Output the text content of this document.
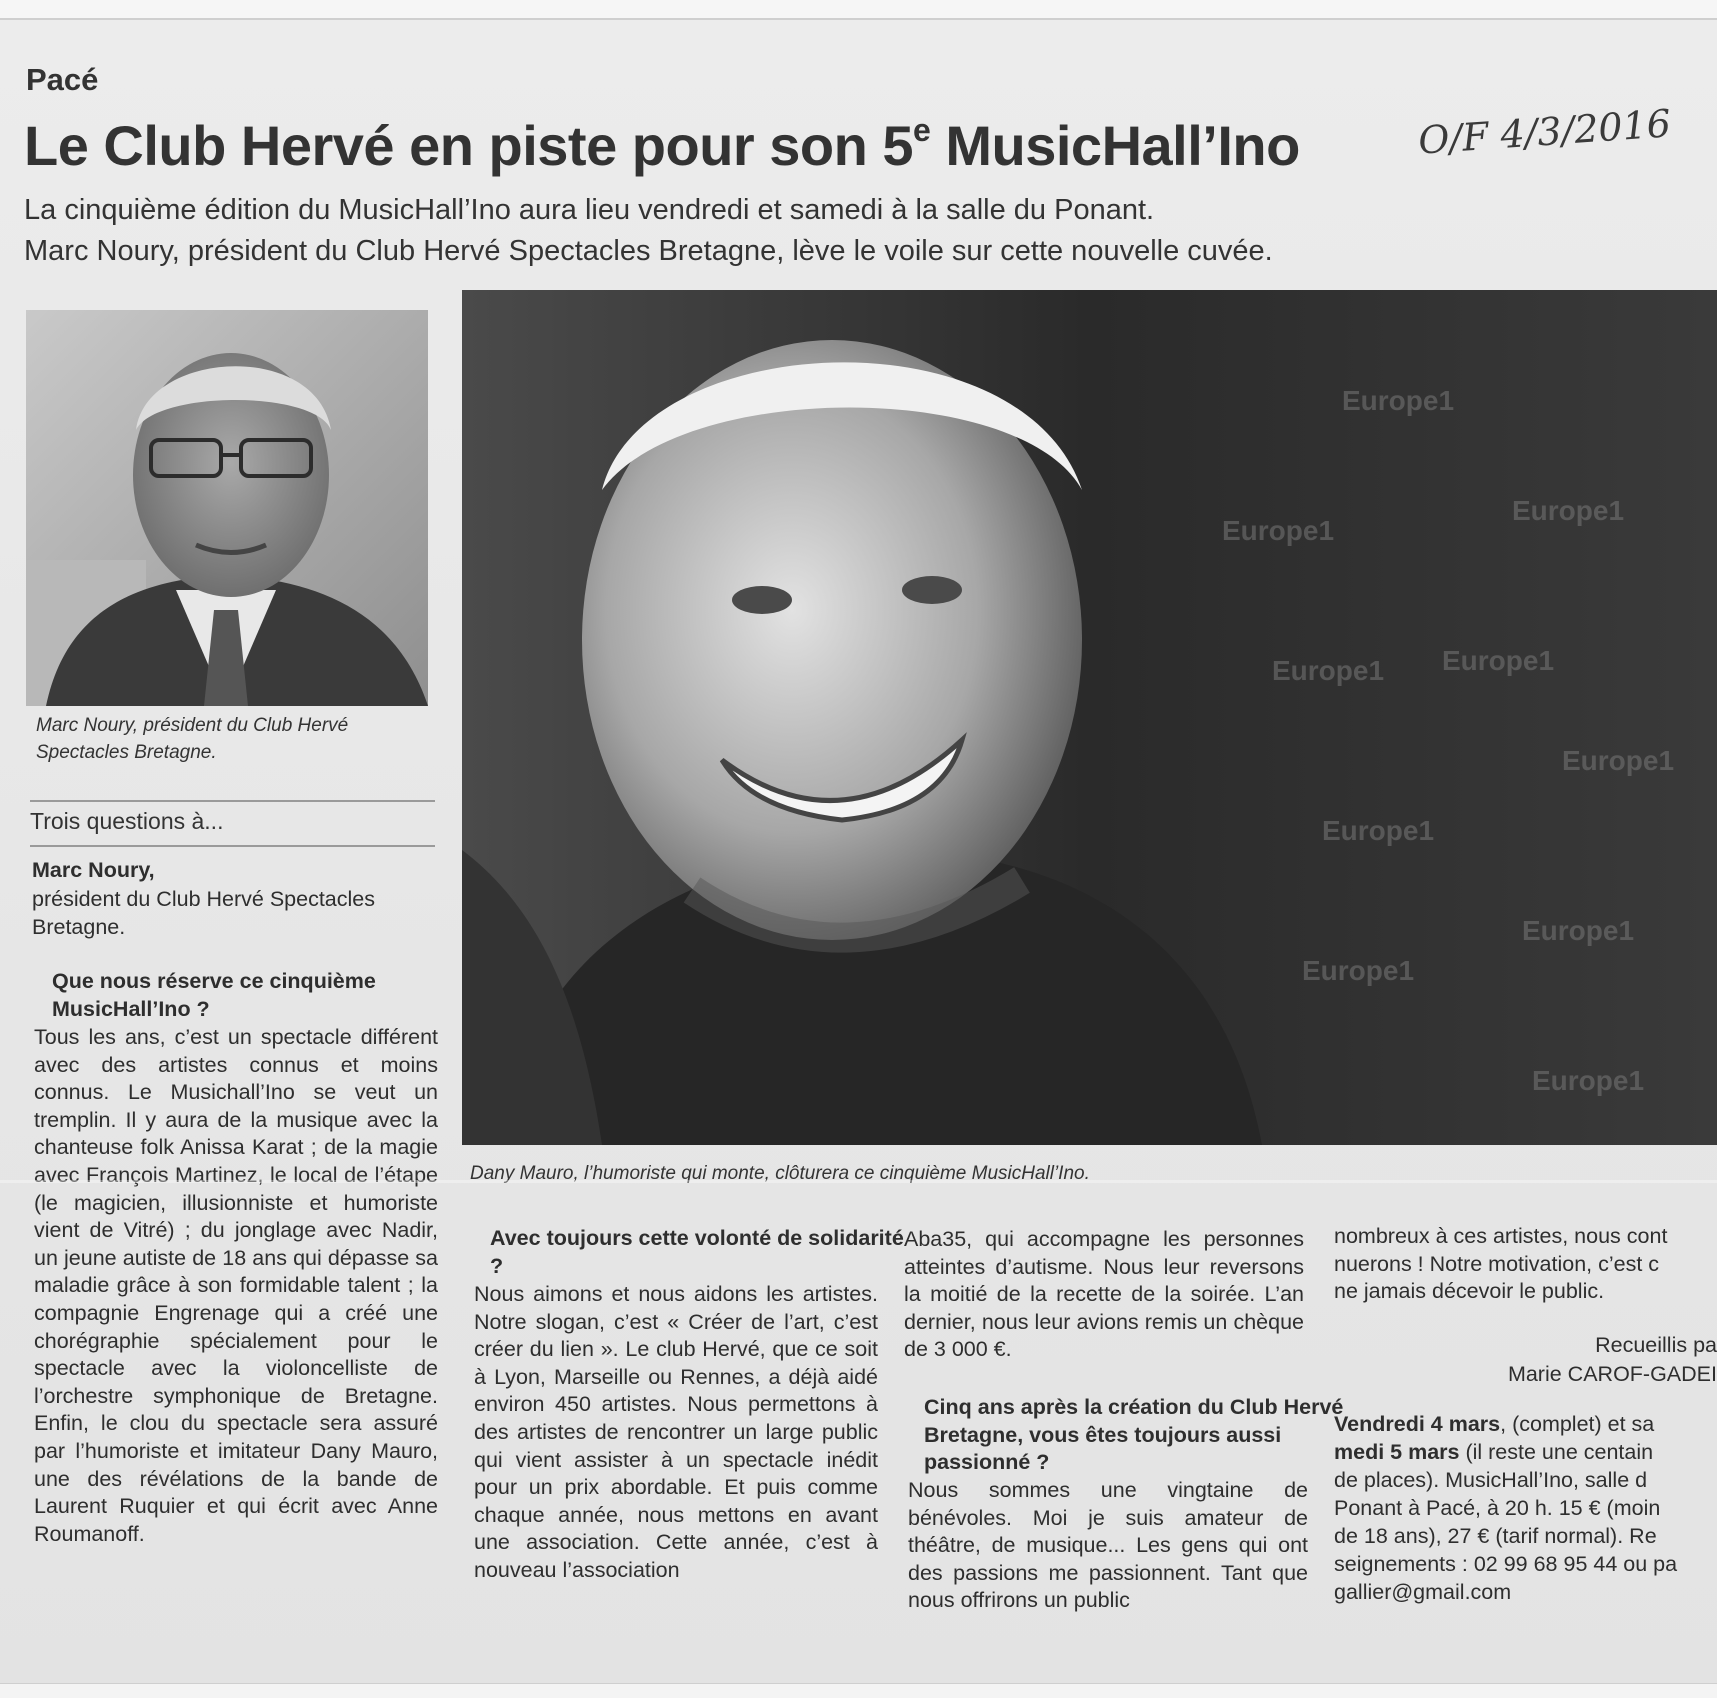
Pacé
Le Club Hervé en piste pour son 5e MusicHall’Ino	O/F 4/3/2016
La cinquième édition du MusicHall’Ino aura lieu vendredi et samedi à la salle du Ponant.
Marc Noury, président du Club Hervé Spectacles Bretagne, lève le voile sur cette nouvelle cuvée.
Marc Noury, président du Club Hervé Spectacles Bretagne.
Europe1
Europe1
Europe1
Europe1
Europe1
Europe1
Europe1
Europe1
Europe1
Europe1
Dany Mauro, l’humoriste qui monte, clôturera ce cinquième MusicHall’Ino.
Trois questions à...
Marc Noury,
président du Club Hervé Spectacles Bretagne.
Que nous réserve ce cinquième MusicHall’Ino ?
Tous les ans, c’est un spectacle différent avec des artistes connus et moins connus. Le Musichall’Ino se veut un tremplin. Il y aura de la musique avec la chanteuse folk Anissa Karat ; de la magie avec François Martinez, le local de l’étape (le magicien, illusionniste et humoriste vient de Vitré) ; du jonglage avec Nadir, un jeune autiste de 18 ans qui dépasse sa maladie grâce à son formidable talent ; la compagnie Engrenage qui a créé une chorégraphie spécialement pour le spectacle avec la violoncelliste de l’orchestre symphonique de Bretagne. Enfin, le clou du spectacle sera assuré par l’humoriste et imitateur Dany Mauro, une des révélations de la bande de Laurent Ruquier et qui écrit avec Anne Roumanoff.
Avec toujours cette volonté de solidarité ?
Nous aimons et nous aidons les artistes. Notre slogan, c’est « Créer de l’art, c’est créer du lien ». Le club Hervé, que ce soit à Lyon, Marseille ou Rennes, a déjà aidé environ 450 artistes. Nous permettons à des artistes de rencontrer un large public qui vient assister à un spectacle inédit pour un prix abordable. Et puis comme chaque année, nous mettons en avant une association. Cette année, c’est à nouveau l’association
Aba35, qui accompagne les personnes atteintes d’autisme. Nous leur reversons la moitié de la recette de la soirée. L’an dernier, nous leur avions remis un chèque de 3 000 €.
Cinq ans après la création du Club Hervé Bretagne, vous êtes toujours aussi passionné ?
Nous sommes une vingtaine de bénévoles. Moi je suis amateur de théâtre, de musique... Les gens qui ont des passions me passionnent. Tant que nous offrirons un public
nombreux à ces artistes, nous cont
nuerons ! Notre motivation, c’est c
ne jamais décevoir le public.
Recueillis pa
Marie CAROF-GADEI
Vendredi 4 mars, (complet) et sa
medi 5 mars (il reste une centain
de places). MusicHall’Ino, salle d
Ponant à Pacé, à 20 h. 15 € (moin
de 18 ans), 27 € (tarif normal). Re
seignements : 02 99 68 95 44 ou pa
gallier@gmail.com
